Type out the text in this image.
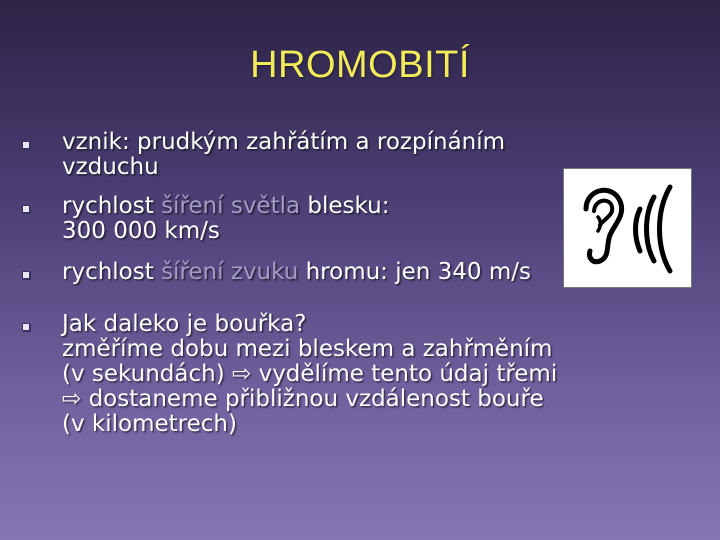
HROMOBITÍ
vznik: prudkým zahřátím a rozpínáním
vzduchu
rychlost šíření světla blesku:
300 000 km/s
rychlost šíření zvuku hromu: jen 340 m/s
Jak daleko je bouřka?
změříme dobu mezi bleskem a zahřměním
(v sekundách) ⇨ vydělíme tento údaj třemi
⇨ dostaneme přibližnou vzdálenost bouře
(v kilometrech)
